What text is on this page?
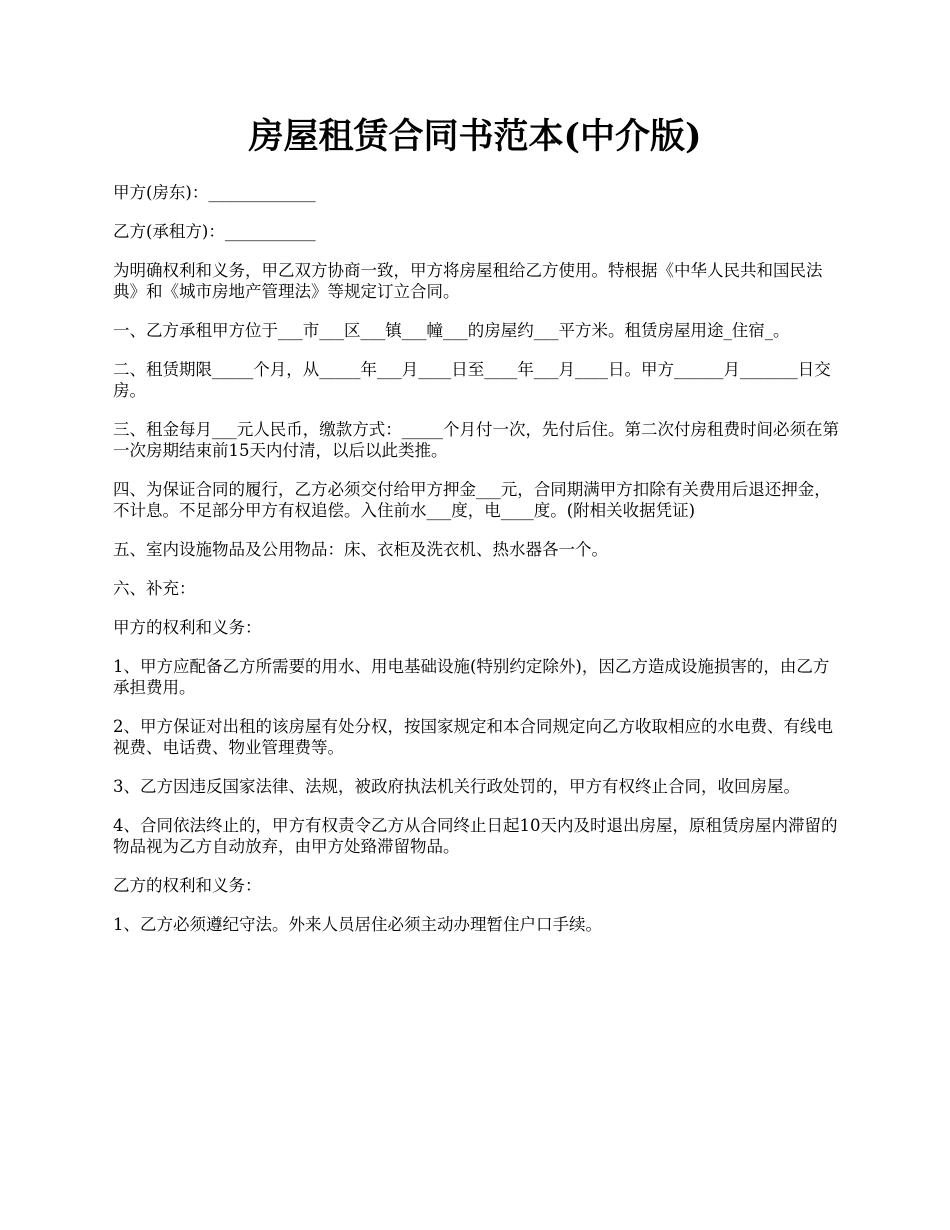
房屋租赁合同书范本(中介版)

甲方(房东)：_____________

乙方(承租方)：___________

为明确权利和义务，甲乙双方协商一致，甲方将房屋租给乙方使用。特根据《中华人民共和国民法典》和《城市房地产管理法》等规定订立合同。

一、乙方承租甲方位于___市___区___镇___幢___的房屋约___平方米。租赁房屋用途_住宿_。

二、租赁期限_____个月，从_____年___月____日至____年___月____日。甲方______月_______日交房。

三、租金每月___元人民币，缴款方式：_____个月付一次，先付后住。第二次付房租费时间必须在第一次房期结束前15天内付清，以后以此类推。

四、为保证合同的履行，乙方必须交付给甲方押金___元，合同期满甲方扣除有关费用后退还押金，不计息。不足部分甲方有权追偿。入住前水___度，电____度。(附相关收据凭证)

五、室内设施物品及公用物品：床、衣柜及洗衣机、热水器各一个。

六、补充：

甲方的权利和义务：

1、甲方应配备乙方所需要的用水、用电基础设施(特别约定除外)，因乙方造成设施损害的，由乙方承担费用。

2、甲方保证对出租的该房屋有处分权，按国家规定和本合同规定向乙方收取相应的水电费、有线电视费、电话费、物业管理费等。

3、乙方因违反国家法律、法规，被政府执法机关行政处罚的，甲方有权终止合同，收回房屋。

4、合同依法终止的，甲方有权责令乙方从合同终止日起10天内及时退出房屋，原租赁房屋内滞留的物品视为乙方自动放弃，由甲方处臵滞留物品。

乙方的权利和义务：

1、乙方必须遵纪守法。外来人员居住必须主动办理暂住户口手续。
